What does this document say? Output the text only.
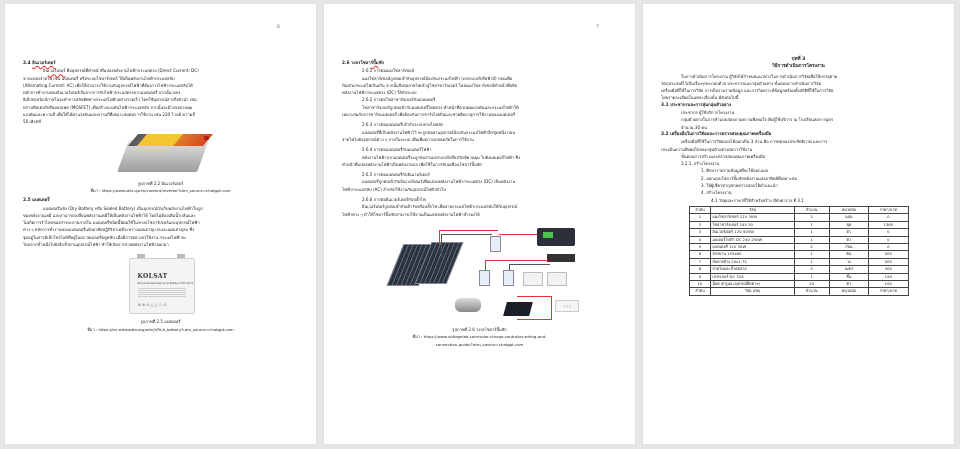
6
2.4 อินเวอร์เตอร์
อินเวอร์เตอร์ คืออุปกรณ์ที่ทำหน้าที่แปลงพลังงานไฟฟ้ากระแสตรง (Direct Current: DC)
จากแหล่งจ่ายไฟ เช่น แบตเตอรี่ หรือระบบโซลาร์เซลล์ ให้เป็นพลังงานไฟฟ้ากระแสสลับ
(Alternating Current: AC) เพื่อให้สามารถใช้งานกับอุปกรณ์ไฟฟ้าที่ต้องการไฟฟ้ากระแสสลับได้
หลักการทำงานของอินเวอร์เตอร์เริ่มจากการรับไฟฟ้ากระแสตรงจากแบตเตอรี่ จากนั้นวงจร
อิเล็กทรอนิกส์ภายในจะทำการสลับทิศทางกระแสไฟฟ้าอย่างรวดเร็ว โดยใช้อุปกรณ์สารกึ่งตัวนำ เช่น
ทรานซิสเตอร์หรือมอสเฟต (MOSFET) เพื่อสร้างแรงดันไฟฟ้ากระแสสลับ จากนั้นจะมีวงจรควบคุม
แรงดันและความถี่ เพื่อให้ได้ค่าแรงดันและความถี่ที่เหมาะสมต่อการใช้งาน เช่น 220 โวลต์ ความถี่
50 เฮิรตซ์
รูปภาพที่ 2.2 อินเวอร์เตอร์
ที่มา : https://www.stkc.go.th/content/inverter?utm_source=chatgpt.com
2.5 แบตเตอรี่
แบตเตอรี่แห้ง (Dry Battery หรือ Sealed Battery) เป็นอุปกรณ์กักเก็บพลังงานไฟฟ้าในรูป
ของพลังงานเคมี และสามารถเปลี่ยนพลังงานเคมีให้เป็นพลังงานไฟฟ้าได้ โดยไม่ต้องเติมน้ำกลั่นและ
ไม่เกิดการรั่วไหลของสารละลายภายใน แบตเตอรี่ชนิดนี้นิยมใช้ในระบบโซลาร์เซลล์และอุปกรณ์ไฟฟ้า
ต่าง ๆ หลักการทำงานของแบตเตอรี่แห้งอาศัยปฏิกิริยาเคมีระหว่างแผ่นธาตุบวกและแผ่นธาตุลบ ซึ่ง
จุ่มอยู่ในสารอิเล็กโทรไลต์ที่อยู่ในสภาพเจลหรือดูดซับ เมื่อมีการต่อวงจรใช้งาน กระแสไฟฟ้าจะ
ไหลจากขั้วหนึ่งไปยังอีกขั้วผ่านอุปกรณ์ไฟฟ้า ทำให้เกิดการจ่ายพลังงานไฟฟ้าออกมา
KOLSAT
Nanoscale Gel Deep Cycle Battery LCPC 24-12
⊗⊗⊘△△♲⊙
รูปภาพที่ 2.5 แบตเตอรี่
ที่มา : https://en.wikipedia.org/wiki/VRLA_battery?utm_source=chatgpt.com
7
2.6 วงจรโซลาร์ปั๊มชัก
2.6.1 การต่อแผงโซลาร์เซลล์
แผงโซลาร์เซลล์ถูกต่อเข้ากับอุปกรณ์ป้องกันกระแสไฟฟ้า (เบรกเกอร์หรือฟิวส์) ก่อนเพื่อ
ป้องกันกระแสไฟเกินเกิน จากนั้นจึงต่อสายไฟเข้าสู่โซล่าชาร์จเจอร์ โดยแผงโซลาร์เซลล์ทำหน้าที่ผลิต
พลังงานไฟฟ้ากระแสตรง (DC) ให้กับระบบ
2.6.2 การต่อโซล่าชาร์จเจอร์กับแบตเตอรี่
โซล่าชาร์จเจอร์ถูกต่อเข้ากับแบตเตอรี่โดยตรง ทำหน้าที่ควบคุมแรงดันและกระแสไฟฟ้าให้
เหมาะสมกับการชาร์จแบตเตอรี่ เพื่อป้องกันการชาร์จไฟเกินและช่วยยืดอายุการใช้งานของแบตเตอรี่
2.6.3 การต่อแบตเตอรี่เข้ากับระบบจ่ายไฟหลัก
แบตเตอรี่ที่เก็บพลังงานไฟฟ้าไว้ จะถูกต่อผ่านอุปกรณ์ป้องกันกระแสไฟฟ้าอีกชุดหนึ่ง ก่อน
จ่ายไฟไปยังอุปกรณ์ต่าง ๆ ภายในระบบ เพื่อเพิ่มความปลอดภัยในการใช้งาน
2.6.4 การต่อแบตเตอรี่กับมอเตอร์ไฟฟ้า
พลังงานไฟฟ้าจากแบตเตอรี่จะถูกส่งผ่านเบรกเกอร์หรือสวิตช์ควบคุม ไปยังมอเตอร์ไฟฟ้า ซึ่ง
ทำหน้าที่แปลงพลังงานไฟฟ้าเป็นพลังงานกล เพื่อใช้ในการขับเคลื่อนโซลาร์ปั๊มชัก
2.6.5 การต่อแบตเตอรี่กับอินเวอร์เตอร์
แบตเตอรี่ถูกต่อเข้ากับอินเวอร์เตอร์เพื่อแปลงพลังงานไฟฟ้ากระแสตรง (DC) เป็นพลังงาน
ไฟฟ้ากระแสสลับ (AC) สำหรับใช้งานกับอุปกรณ์ไฟฟ้าทั่วไป
2.6.6 การต่ออินเวอร์เตอร์กับปลั๊กไฟ
อินเวอร์เตอร์ถูกต่อเข้ากับเต้ารับหรือปลั๊กไฟ เพื่อจ่ายกระแสไฟฟ้ากระแสสลับให้กับอุปกรณ์
ไฟฟ้าต่าง ๆ ทำให้โซลาร์ปั๊มชักสามารถใช้งานเป็นแหล่งพลังงานไฟฟ้าสำรองได้
▯ ▯ ▯
รูปภาพที่ 2.6 วงจรโซลาร์ปั๊มชัก
ที่มา : https://www.voltagelab.com/solar-charge-controller-wiring-and-
connection-guide/?utm_source=chatgpt.com
บทที่ 3
วิธีการดำเนินการโครงงาน
ในการดำเนินการโครงงาน ผู้วิจัยได้กำหนดแนวทางในการดำเนินการวิจัยเพื่อให้บรรลุตาม
วัตถุประสงค์ไว้เป็นเรื่องๆประกอบด้วย ประชากรและกลุ่มตัวอย่าง ขั้นตอนการดำเนินการวิจัย
เครื่องมือที่ใช้ในการวิจัย การเก็บรวบรวมข้อมูล และการวิเคราะห์ข้อมูลพร้อมทั้งสถิติที่ใช้ในการวิจัย
โดยรายละเอียดในแต่ละเรื่องนั้น มีดังต่อไปนี้
3.1 ประชากรและการสุ่มกลุ่มตัวอย่าง
ประชากร ผู้ใช้บริการโครงงาน
กลุ่มตัวอย่างในการทำแบบสอบถามความพึงพอใจ คือผู้ใช้บริการ ณ โรงเรียนสอการอุดร
จำนวน 30 คน
3.2 เครื่องมือในการวิจัยและการตรวจสอบคุณภาพเครื่องมือ
เครื่องมือที่ใช้ในการวิจัยแบ่งได้ออกเป็น 3 ส่วน คือ การทดลองประสิทธิภาพ และการ
ประเมินความพึงพอใจของกลุ่มตัวอย่างต่อการใช้งาน
ขั้นตอนการสร้างและตรวจสอบคุณภาพเครื่องมือ
3.2.1. สร้างโครงงาน
1. ศึกษารวบรวมข้อมูลที่จะใช้ออกแบบ
2. ออกแบบโซลาร์ปั๊มชักพลังงานแสงอาทิตย์ที่เหมาะสม
3. ให้ผู้เชี่ยวชาญช่วยตรวจสอบให้คำแนะนำ
4. สร้างโครงงาน
4.1 วัสดุและราคาที่ใช้สำหรับสร้าง มีดังตาราง ที่ 3.1
ลำดับ	วัสดุ	จำนวน	หน่วยนับ	ราคา/บาท
1	แผงโซลาร์เซลล์ 12V 30W	2	แผ่น	0
2	โซล่าชาร์จเจอร์ 24V 30	1	ชุด	1365
3	อินเวอร์เตอร์ 12V 500W	1	ตัว	0
4	มอเตอร์ไฟฟ้า DC 24V 250W	1	ตัว	0
5	แบตเตอรี่ 12V 30W	2	ก้อน	0
6	จักรยาน 155x60	1	คัน	500
7	ล้อพ่วงข้าง 20x1.75	1	วง	500
8	สายไฟและขั้วต่อสาย	5	เมตร	300
9	เบรกเกอร์ DC 32A	1	ชิ้น	150
10	น็อต สกรูและอุปกรณ์ยึดต่างๆ	20	ตัว	100
ลำดับ	วัสดุ (ต่อ)	จำนวน	หน่วยนับ	ราคา/บาท
